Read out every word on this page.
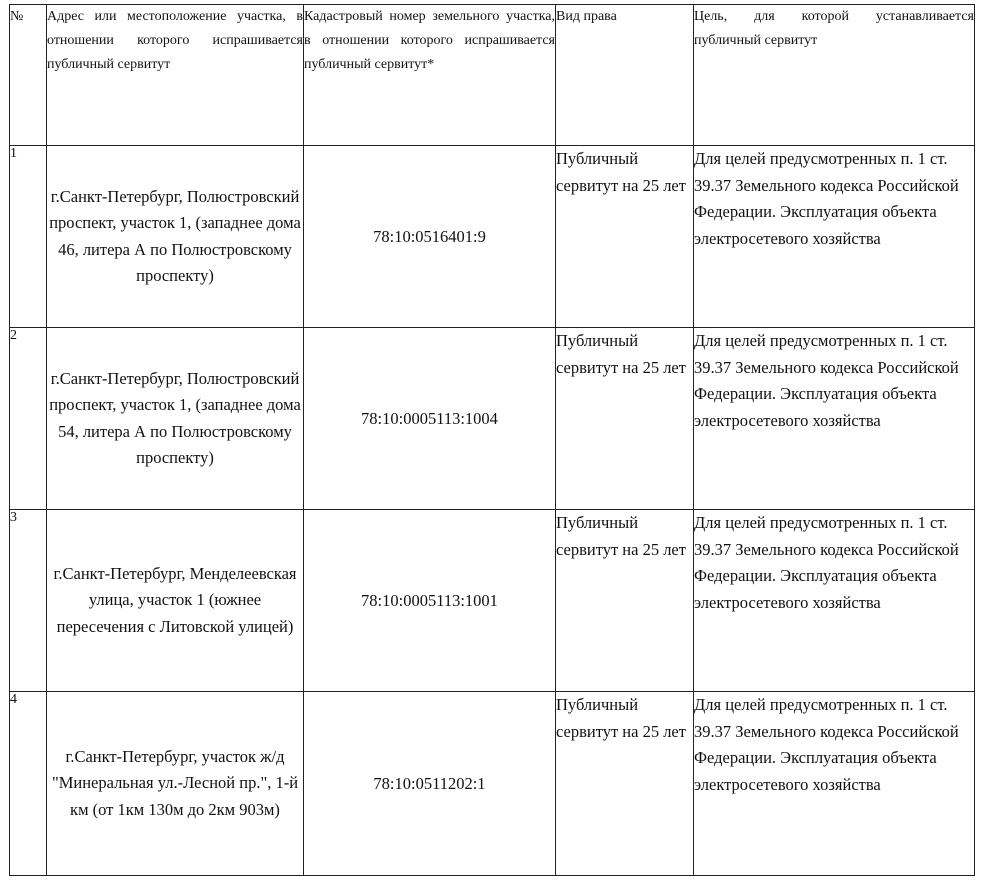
№	Адрес или местоположение участка, в отношении которого испрашивается публичный сервитут	Кадастровый номер земельного участка, в отношении которого испрашивается публичный сервитут*	Вид права	Цель, для которой устанавливается публичный сервитут
1	г.Санкт-Петербург, Полюстровский проспект, участок 1, (западнее дома 46, литера А по Полюстровскому проспекту)	78:10:0516401:9	Публичный сервитут на 25 лет	Для целей предусмотренных п. 1 ст. 39.37 Земельного кодекса Российской Федерации. Эксплуатация объекта электросетевого хозяйства
2	г.Санкт-Петербург, Полюстровский проспект, участок 1, (западнее дома 54, литера А по Полюстровскому проспекту)	78:10:0005113:1004	Публичный сервитут на 25 лет	Для целей предусмотренных п. 1 ст. 39.37 Земельного кодекса Российской Федерации. Эксплуатация объекта электросетевого хозяйства
3	г.Санкт-Петербург, Менделеевская улица, участок 1 (южнее пересечения с Литовской улицей)	78:10:0005113:1001	Публичный сервитут на 25 лет	Для целей предусмотренных п. 1 ст. 39.37 Земельного кодекса Российской Федерации. Эксплуатация объекта электросетевого хозяйства
4	г.Санкт-Петербург, участок ж/д "Минеральная ул.-Лесной пр.", 1-й км (от 1км 130м до 2км 903м)	78:10:0511202:1	Публичный сервитут на 25 лет	Для целей предусмотренных п. 1 ст. 39.37 Земельного кодекса Российской Федерации. Эксплуатация объекта электросетевого хозяйства
